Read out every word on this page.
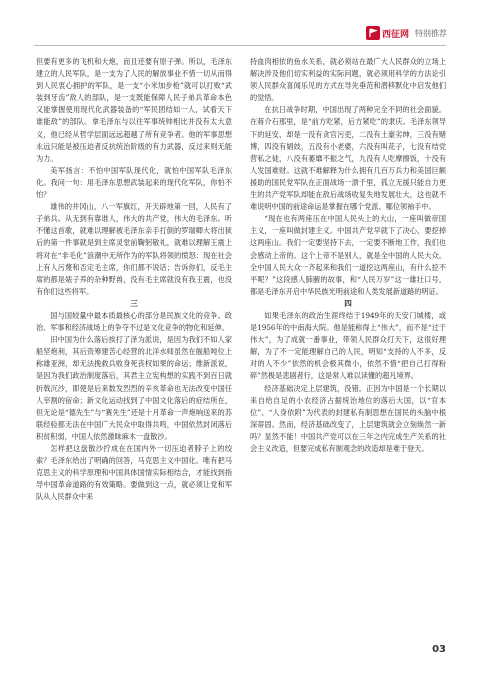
西征网 特别推荐

但要有更多的飞机和大炮，而且还要有原子弹。所以，毛泽东建立的人民军队，是一支为了人民的解放事业不惜一切从而得到人民衷心拥护的军队，是一支“小米加步枪”就可以打败“武装到牙齿”敌人的部队，是一支既能保障人民子弟兵革命本色又能掌握使用现代化武器装备的“军民团结如一人，试看天下谁能敌”的部队。拿毛泽东与以往军事统帅相比并没有太大意义，他已经从哲学层面远远超越了所有竞争者。他的军事思想永远只能是被压迫者反抗统治阶级的有力武器，反过来则无能为力。

美军扬言：不怕中国军队现代化，就怕中国军队毛泽东化。我问一句：用毛泽东思想武装起来的现代化军队，你怕不怕？

雄伟的井冈山，八一军旗红，开天辟地第一回，人民有了子弟兵。从无到有靠谁人，伟大的共产党，伟大的毛泽东。听不懂这首歌，就难以理解被毛泽东亲手打倒的罗瑞卿大将出狱后的第一件事就是到主席灵堂前鞠躬敬礼，就难以理解王震上将对在“非毛化”浪潮中无所作为的军队将领的愤怒：现在社会上有人污蔑和否定毛主席，你们都不说话；告诉你们，反毛主席的都是婊子养的杂种野兽，没有毛主席就没有我王震，也没有你们这些将军。

三

国与国较量中最本质最核心的部分是民族文化的竞争。政治、军事和经济战场上的争夺不过是文化竞争的物化和延伸。

旧中国为什么落后挨打了泽为派说，是因为我们不如人家船坚炮利，其后资筹建苦心经营的北洋水师虽然在舰船吨位上称雄亚洲，却无法挽救兵败身死丧权如果的命运；维新派说，是因为我们政治制度落后，其君主立宪构想的实践不到百日就折戟沉沙，即使是后来数发烈烈的辛亥革命也无法改变中国任人宰割的宿命；新文化运动找到了中国文化落后的症结所在，但无论是“德先生”与“赛先生”还是十月革命一声炮响送来的苏联经验都无法在中国广大民众中取得共鸣，中国依然封闭落后积贫积弱，中国人依然激昧麻木一盘散沙。

怎样把这盘散沙拧成在在国内外一切压迫者脖子上的绞索？毛泽东给出了明确的回答，马克思主义中国化。唯有把马克思主义的科学原理和中国具体国情实际相结合，才能找到指导中国革命道路的有效策略。要做到这一点，就必须让党和军队从人民群众中来

持血肉相依的鱼水关系，就必须站在最广大人民群众的立场上解决涉及他们切实利益的实际问题，就必须用科学的方法论引领人民群众喜闻乐见的方式在导先垂范和潜移默化中启发他们的觉悟。

在抗日战争时期，中国出现了两种完全不同的社会面貌。在蒋介石那里，是“前方吃紧，后方紧吃”的隶庆。毛泽东领导下的延安，却是一没有贪官污吏，二没有土豪劣绅，三没有赌博，四没有娼妓，五没有小老婆，六没有叫花子，七没有结党营私之徒，八没有萎靡不振之气，九没有人吃摩擦饭，十没有人发国难财。这就不难解释为什么拥有几百万兵力和美国巨额援助的国民党军队在正面战场一溃千里，孤立无援只能自力更生的共产党军队却能在敌后战场收复失地发展壮大，这也就不难说明中国的前途命运是掌握在哪个党派、哪位领袖手中。

“现在也有两座压在中国人民头上的大山，一座叫做帝国主义，一座叫做封建主义。中国共产党早就下了决心，要挖掉这两座山。我们一定要坚持下去，一定要不断地工作，我们也会感动上帝的。这个上帝不是别人，就是全中国的人民大众。全中国人民大众一齐起来和我们一道挖这两座山，有什么挖不平呢？”这段感人肺腑的故事，和“人民万岁”这一雄壮口号，都是毛泽东开启中华民族光明前途和人类发展新道路的明证。

四

如果毛泽东的政治生涯终结于1949年的天安门城楼，或是1956年的中南海大院。他是能称得上“伟大”，而不是“过于伟大”，为了成就一番事业，带领人民群众打天下，这很好理解，为了不一定能理解自己的人民，明知“支持的人不多，反对的人不少”依然的机会极其微小，依然不惜“把自己打得粉碎”然极是悲剧者行，这是常人难以读懂的超凡境界。

经济基础决定上层建筑，没错。正因为中国是一个长期以来自给自足的小农经济占据统治地位的落后大国，以“官本位”、“人身依附”为代表的封建私有制思想在国民的头脑中根深蒂固。然而，经济基础改变了，上层建筑就会立刻焕然一新吗？显然不能！中国共产党可以在三年之内完成生产关系的社会主义改造，但要完成私有制观念的改造却是难于登天。

03
